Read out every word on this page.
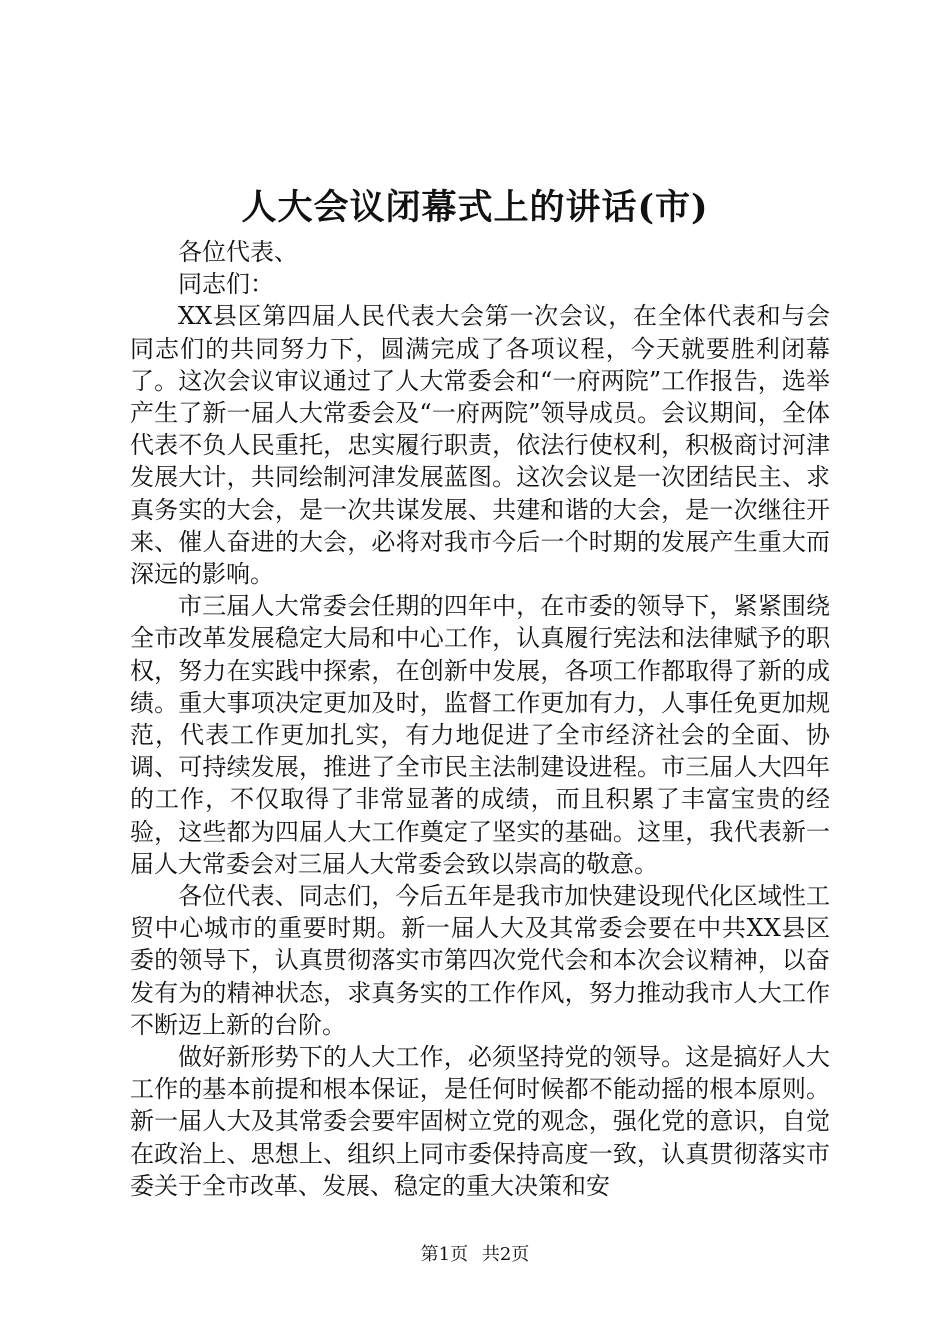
人大会议闭幕式上的讲话(市)
各位代表、
同志们：

XX县区第四届人民代表大会第一次会议，在全体代表和与会同志们的共同努力下，圆满完成了各项议程，今天就要胜利闭幕了。这次会议审议通过了人大常委会和“一府两院”工作报告，选举产生了新一届人大常委会及“一府两院”领导成员。会议期间，全体代表不负人民重托，忠实履行职责，依法行使权利，积极商讨河津发展大计，共同绘制河津发展蓝图。这次会议是一次团结民主、求真务实的大会，是一次共谋发展、共建和谐的大会，是一次继往开来、催人奋进的大会，必将对我市今后一个时期的发展产生重大而深远的影响。

市三届人大常委会任期的四年中，在市委的领导下，紧紧围绕全市改革发展稳定大局和中心工作，认真履行宪法和法律赋予的职权，努力在实践中探索，在创新中发展，各项工作都取得了新的成绩。重大事项决定更加及时，监督工作更加有力，人事任免更加规范，代表工作更加扎实，有力地促进了全市经济社会的全面、协调、可持续发展，推进了全市民主法制建设进程。市三届人大四年的工作，不仅取得了非常显著的成绩，而且积累了丰富宝贵的经验，这些都为四届人大工作奠定了坚实的基础。这里，我代表新一届人大常委会对三届人大常委会致以崇高的敬意。

各位代表、同志们，今后五年是我市加快建设现代化区域性工贸中心城市的重要时期。新一届人大及其常委会要在中共XX县区委的领导下，认真贯彻落实市第四次党代会和本次会议精神，以奋发有为的精神状态，求真务实的工作作风，努力推动我市人大工作不断迈上新的台阶。

做好新形势下的人大工作，必须坚持党的领导。这是搞好人大工作的基本前提和根本保证，是任何时候都不能动摇的根本原则。新一届人大及其常委会要牢固树立党的观念，强化党的意识，自觉在政治上、思想上、组织上同市委保持高度一致，认真贯彻落实市委关于全市改革、发展、稳定的重大决策和安

第1页 共2页
